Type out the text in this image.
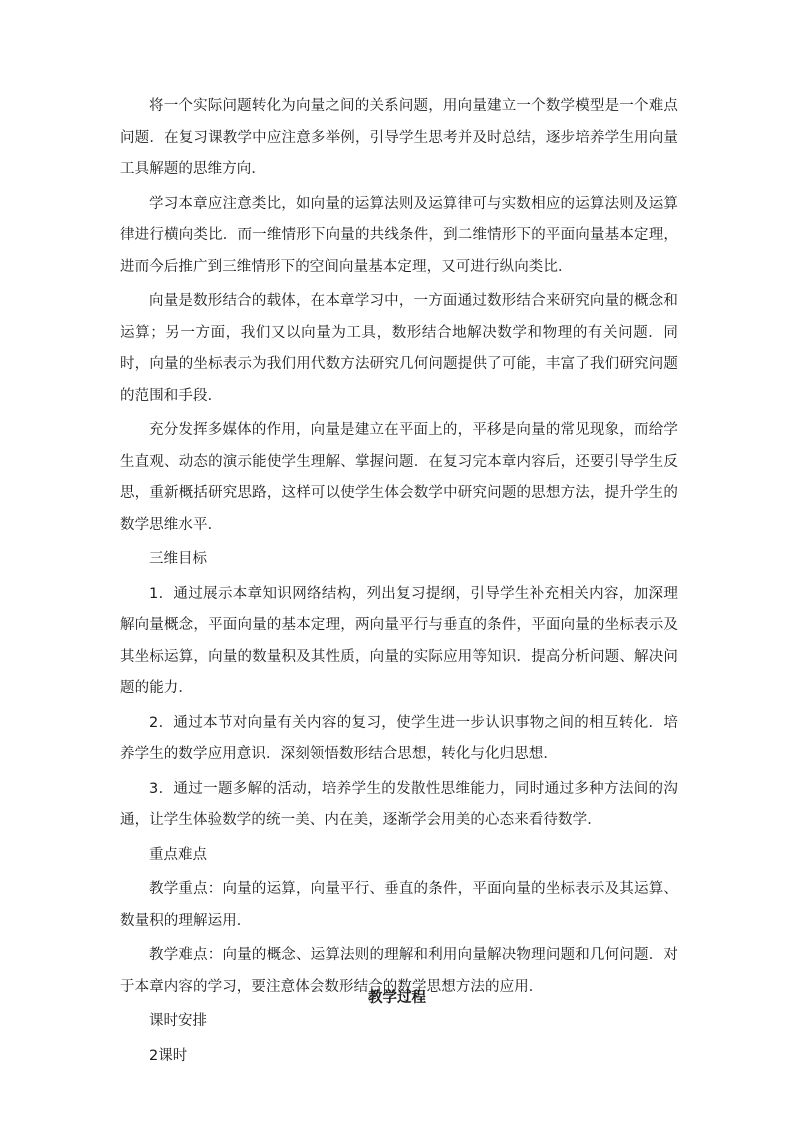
将一个实际问题转化为向量之间的关系问题，用向量建立一个数学模型是一个难点问题．在复习课教学中应注意多举例，引导学生思考并及时总结，逐步培养学生用向量工具解题的思维方向．

学习本章应注意类比，如向量的运算法则及运算律可与实数相应的运算法则及运算律进行横向类比．而一维情形下向量的共线条件，到二维情形下的平面向量基本定理，进而今后推广到三维情形下的空间向量基本定理，又可进行纵向类比．

向量是数形结合的载体，在本章学习中，一方面通过数形结合来研究向量的概念和运算；另一方面，我们又以向量为工具，数形结合地解决数学和物理的有关问题．同时，向量的坐标表示为我们用代数方法研究几何问题提供了可能，丰富了我们研究问题的范围和手段．

充分发挥多媒体的作用，向量是建立在平面上的，平移是向量的常见现象，而给学生直观、动态的演示能使学生理解、掌握问题．在复习完本章内容后，还要引导学生反思，重新概括研究思路，这样可以使学生体会数学中研究问题的思想方法，提升学生的数学思维水平．

三维目标

1．通过展示本章知识网络结构，列出复习提纲，引导学生补充相关内容，加深理解向量概念，平面向量的基本定理，两向量平行与垂直的条件，平面向量的坐标表示及其坐标运算，向量的数量积及其性质，向量的实际应用等知识．提高分析问题、解决问题的能力．

2．通过本节对向量有关内容的复习，使学生进一步认识事物之间的相互转化．培养学生的数学应用意识．深刻领悟数形结合思想，转化与化归思想．

3．通过一题多解的活动，培养学生的发散性思维能力，同时通过多种方法间的沟通，让学生体验数学的统一美、内在美，逐渐学会用美的心态来看待数学．

重点难点

教学重点：向量的运算，向量平行、垂直的条件，平面向量的坐标表示及其运算、数量积的理解运用．

教学难点：向量的概念、运算法则的理解和利用向量解决物理问题和几何问题．对于本章内容的学习，要注意体会数形结合的数学思想方法的应用．

课时安排

2课时

教学过程
